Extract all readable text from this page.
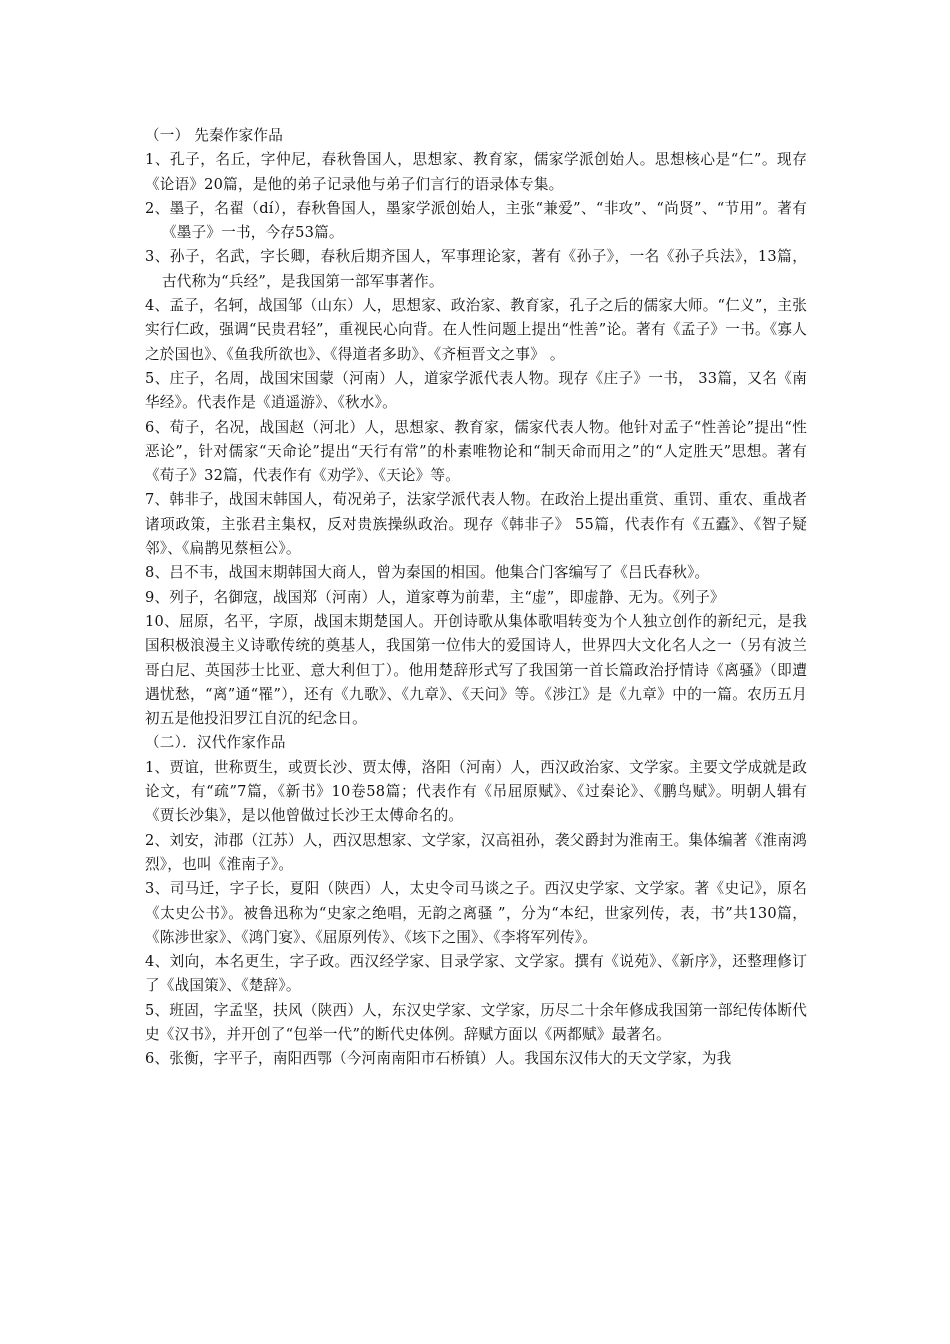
（一） 先秦作家作品

1、孔子，名丘，字仲尼，春秋鲁国人，思想家、教育家，儒家学派创始人。思想核心是“仁”。现存《论语》20篇，是他的弟子记录他与弟子们言行的语录体专集。

2、墨子，名翟（dí），春秋鲁国人，墨家学派创始人，主张“兼爱”、“非攻”、“尚贤”、“节用”。著有《墨子》一书，今存53篇。

3、孙子，名武，字长卿，春秋后期齐国人，军事理论家，著有《孙子》，一名《孙子兵法》，13篇，古代称为“兵经”，是我国第一部军事著作。

4、孟子，名轲，战国邹（山东）人，思想家、政治家、教育家，孔子之后的儒家大师。“仁义”，主张实行仁政，强调“民贵君轻”，重视民心向背。在人性问题上提出“性善”论。著有《孟子》一书。《寡人之於国也》、《鱼我所欲也》、《得道者多助》、《齐桓晋文之事》 。

5、庄子，名周，战国宋国蒙（河南）人，道家学派代表人物。现存《庄子》一书， 33篇，又名《南华经》。代表作是《逍遥游》、《秋水》。

6、荀子，名况，战国赵（河北）人，思想家、教育家，儒家代表人物。他针对孟子“性善论”提出“性恶论”，针对儒家“天命论”提出“天行有常”的朴素唯物论和“制天命而用之”的“人定胜天”思想。著有《荀子》32篇，代表作有《劝学》、《天论》等。

7、韩非子，战国末韩国人，荀况弟子，法家学派代表人物。在政治上提出重赏、重罚、重农、重战者诸项政策，主张君主集权，反对贵族操纵政治。现存《韩非子》 55篇，代表作有《五蠹》、《智子疑邻》、《扁鹊见蔡桓公》。

8、吕不韦，战国末期韩国大商人，曾为秦国的相国。他集合门客编写了《吕氏春秋》。

9、列子，名御寇，战国郑（河南）人，道家尊为前辈，主“虚”，即虚静、无为。《列子》

10、屈原，名平，字原，战国末期楚国人。开创诗歌从集体歌唱转变为个人独立创作的新纪元，是我国积极浪漫主义诗歌传统的奠基人，我国第一位伟大的爱国诗人，世界四大文化名人之一（另有波兰哥白尼、英国莎士比亚、意大利但丁）。他用楚辞形式写了我国第一首长篇政治抒情诗《离骚》（即遭遇忧愁，“离”通“罹”），还有《九歌》、《九章》、《天问》等。《涉江》是《九章》中的一篇。农历五月初五是他投汨罗江自沉的纪念日。

（二）．汉代作家作品

1、贾谊，世称贾生，或贾长沙、贾太傅，洛阳（河南）人，西汉政治家、文学家。主要文学成就是政论文，有“疏”7篇，《新书》10卷58篇；代表作有《吊屈原赋》、《过秦论》、《鹏鸟赋》。明朝人辑有《贾长沙集》，是以他曾做过长沙王太傅命名的。

2、刘安，沛郡（江苏）人，西汉思想家、文学家，汉高祖孙，袭父爵封为淮南王。集体编著《淮南鸿烈》，也叫《淮南子》。

3、司马迁，字子长，夏阳（陕西）人，太史令司马谈之子。西汉史学家、文学家。著《史记》，原名《太史公书》。被鲁迅称为“史家之绝唱，无韵之离骚 ”，分为“本纪，世家列传，表，书”共130篇，《陈涉世家》、《鸿门宴》、《屈原列传》、《垓下之围》、《李将军列传》。

4、刘向，本名更生，字子政。西汉经学家、目录学家、文学家。撰有《说苑》、《新序》，还整理修订了《战国策》、《楚辞》。

5、班固，字孟坚，扶风（陕西）人，东汉史学家、文学家，历尽二十余年修成我国第一部纪传体断代史《汉书》，并开创了“包举一代”的断代史体例。辞赋方面以《两都赋》最著名。

6、张衡，字平子，南阳西鄂（今河南南阳市石桥镇）人。我国东汉伟大的天文学家，为我
